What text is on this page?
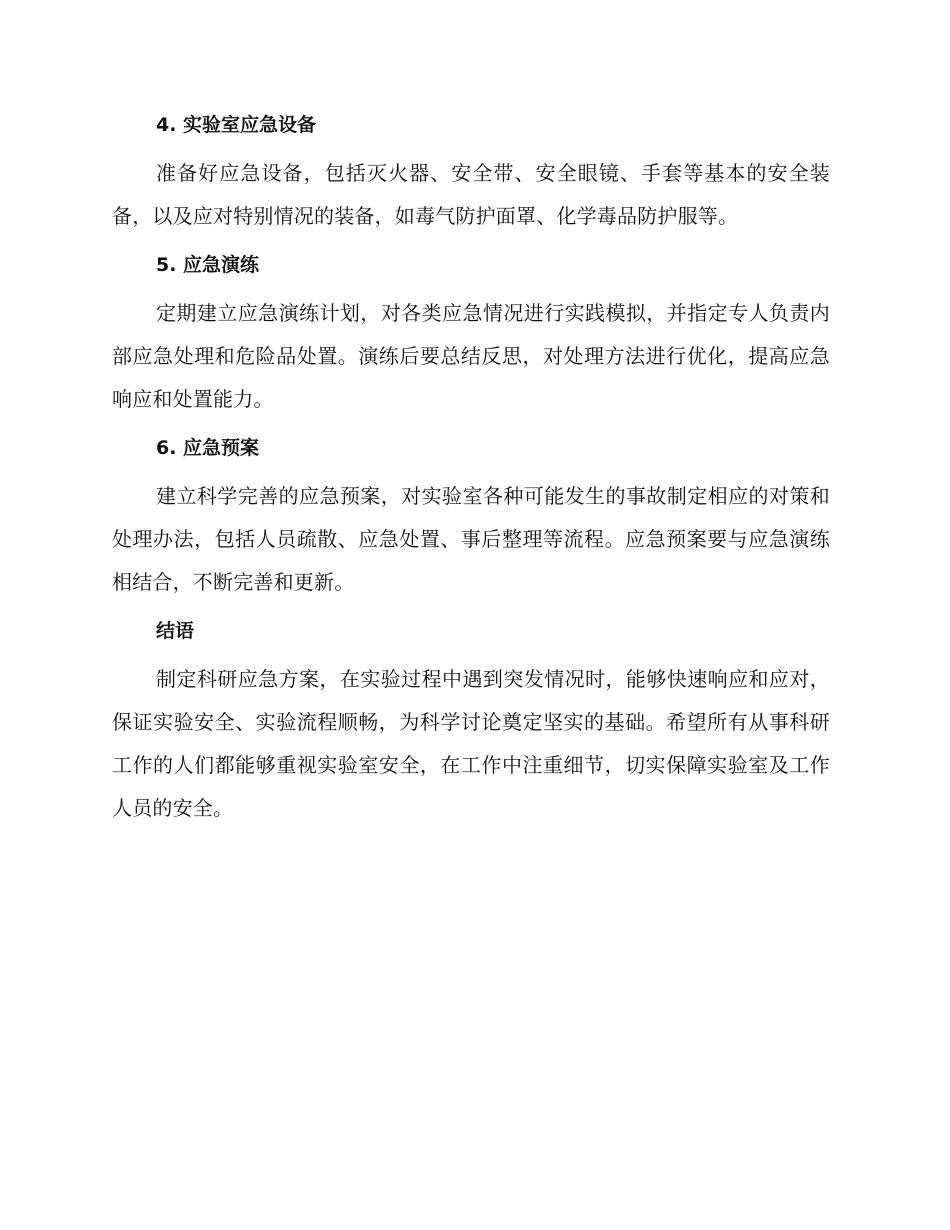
4. 实验室应急设备

准备好应急设备，包括灭火器、安全带、安全眼镜、手套等基本的安全装备，以及应对特别情况的装备，如毒气防护面罩、化学毒品防护服等。

5. 应急演练

定期建立应急演练计划，对各类应急情况进行实践模拟，并指定专人负责内部应急处理和危险品处置。演练后要总结反思，对处理方法进行优化，提高应急响应和处置能力。

6. 应急预案

建立科学完善的应急预案，对实验室各种可能发生的事故制定相应的对策和处理办法，包括人员疏散、应急处置、事后整理等流程。应急预案要与应急演练相结合，不断完善和更新。

结语

制定科研应急方案，在实验过程中遇到突发情况时，能够快速响应和应对，保证实验安全、实验流程顺畅，为科学讨论奠定坚实的基础。希望所有从事科研工作的人们都能够重视实验室安全，在工作中注重细节，切实保障实验室及工作人员的安全。
